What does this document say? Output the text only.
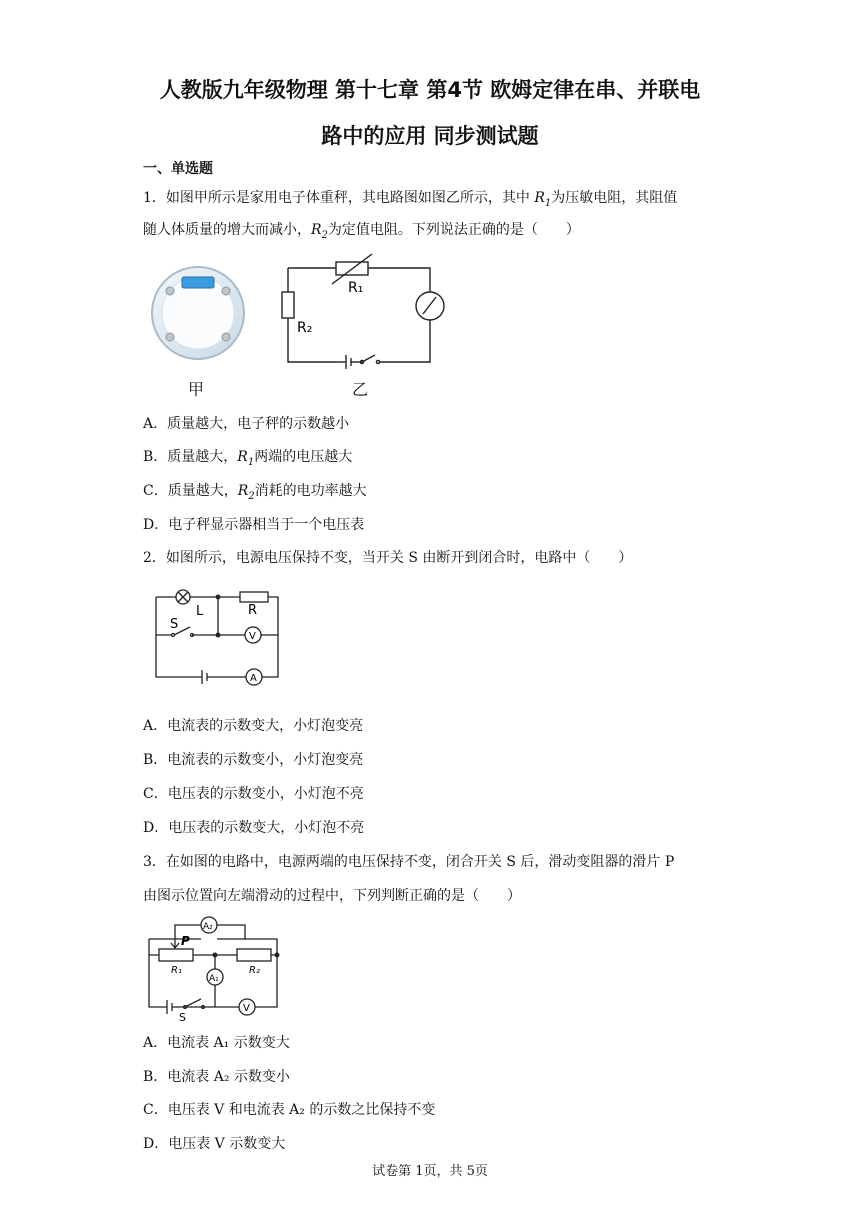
人教版九年级物理 第十七章 第4节 欧姆定律在串、并联电
路中的应用 同步测试题
一、单选题
1．如图甲所示是家用电子体重秤，其电路图如图乙所示，其中 $R_1$为压敏电阻，其阻值
随人体质量的增大而减小，$R_2$为定值电阻。下列说法正确的是（　　）
甲
R₁
R₂
乙
A．质量越大，电子秤的示数越小
B．质量越大，$R_1$两端的电压越大
C．质量越大，$R_2$消耗的电功率越大
D．电子秤显示器相当于一个电压表
2．如图所示，电源电压保持不变，当开关 S 由断开到闭合时，电路中（　　）
L	R
S
V
A
A．电流表的示数变大，小灯泡变亮
B．电流表的示数变小，小灯泡变亮
C．电压表的示数变小，小灯泡不亮
D．电压表的示数变大，小灯泡不亮
3．在如图的电路中，电源两端的电压保持不变，闭合开关 S 后，滑动变阻器的滑片 P
由图示位置向左端滑动的过程中，下列判断正确的是（　　）
A₂
A₁
P
R₁	R₂
S
V
A．电流表 A₁ 示数变大
B．电流表 A₂ 示数变小
C．电压表 V 和电流表 A₂ 的示数之比保持不变
D．电压表 V 示数变大
试卷第 1页，共 5页
